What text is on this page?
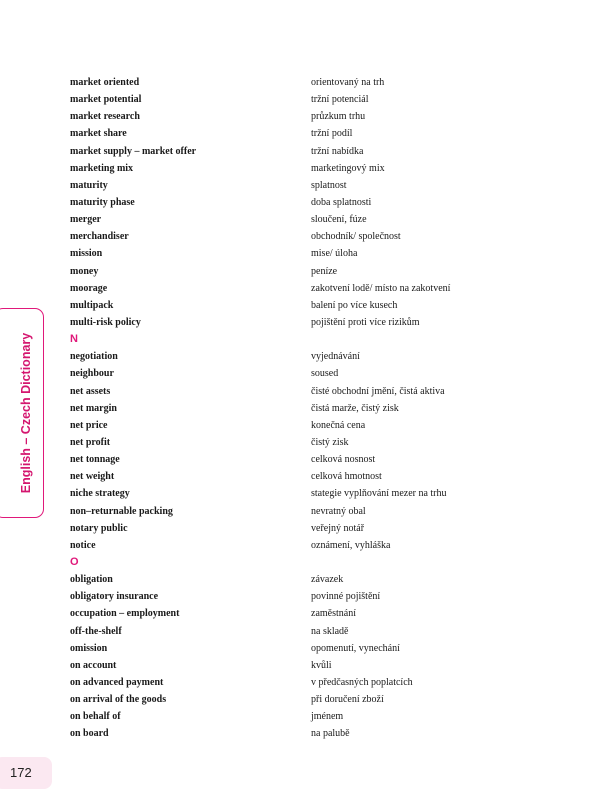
English – Czech Dictionary
172
market oriented	orientovaný na trh
market potential	tržní potenciál
market research	průzkum trhu
market share	tržní podíl
market supply – market offer	tržní nabídka
marketing mix	marketingový mix
maturity	splatnost
maturity phase	doba splatnosti
merger	sloučení, fúze
merchandiser	obchodník/ společnost
mission	mise/ úloha
money	peníze
moorage	zakotvení lodě/ místo na zakotvení
multipack	balení po více kusech
multi-risk policy	pojištění proti více rizikům
N
negotiation	vyjednávání
neighbour	soused
net assets	čisté obchodní jmění, čistá aktiva
net margin	čistá marže, čistý zisk
net price	konečná cena
net profit	čistý zisk
net tonnage	celková nosnost
net weight	celková hmotnost
niche strategy	stategie vyplňování mezer na trhu
non–returnable packing	nevratný obal
notary public	veřejný notář
notice	oznámení, vyhláška
O
obligation	závazek
obligatory insurance	povinné pojištění
occupation – employment	zaměstnání
off-the-shelf	na skladě
omission	opomenutí, vynechání
on account	kvůli
on advanced payment	v předčasných poplatcích
on arrival of the goods	při doručení zboží
on behalf of	jménem
on board	na palubě
